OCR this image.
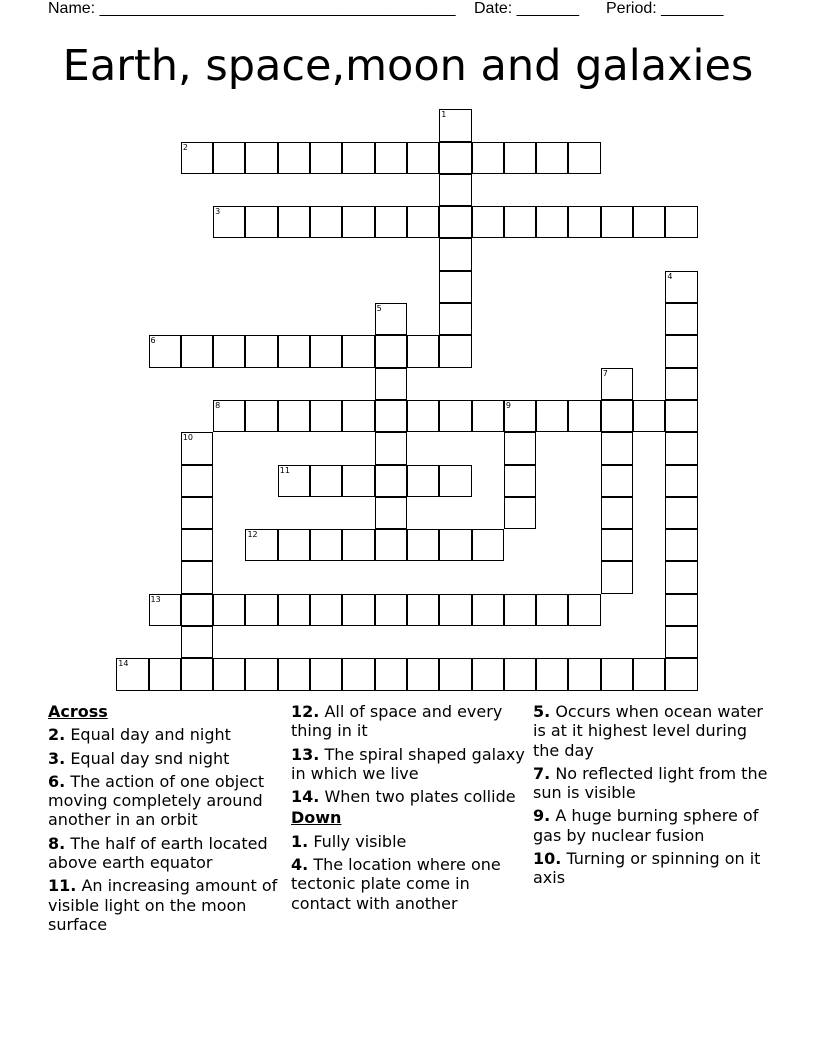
Name: ________________________________________ Date: _______ Period: _______
Earth, space,moon and galaxies
1
2
3
4
5
6
7
8	9
10
11
12
13
14
Across
2. Equal day and night
3. Equal day snd night
6. The action of one object moving completely around another in an orbit
8. The half of earth located above earth equator
11. An increasing amount of visible light on the moon surface
12. All of space and every thing in it
13. The spiral shaped galaxy in which we live
14. When two plates collide
Down
1. Fully visible
4. The location where one tectonic plate come in contact with another
5. Occurs when ocean water is at it highest level during the day
7. No reflected light from the sun is visible
9. A huge burning sphere of gas by nuclear fusion
10. Turning or spinning on it axis
